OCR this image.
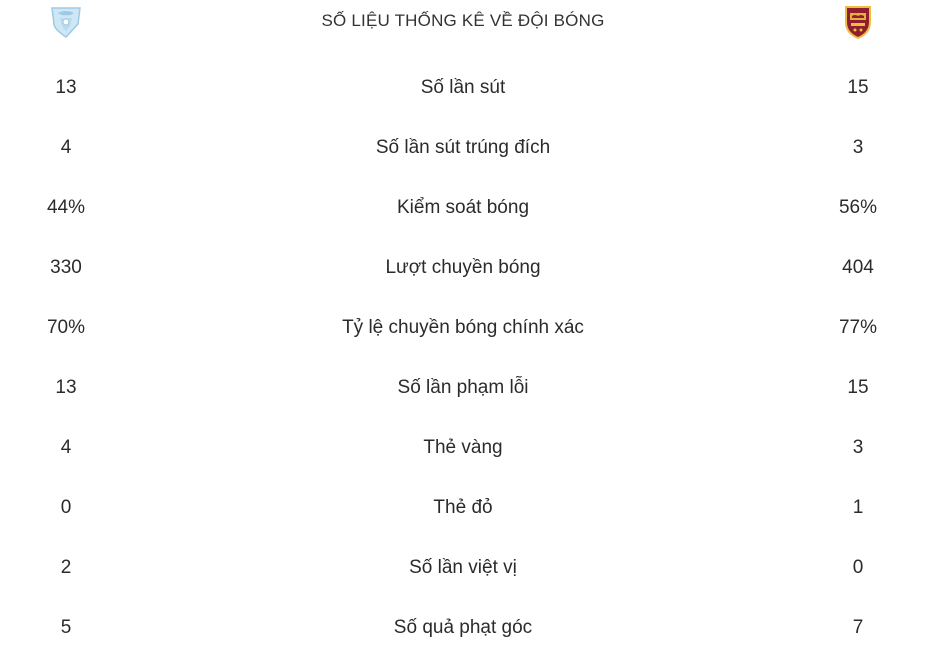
SỐ LIỆU THỐNG KÊ VỀ ĐỘI BÓNG
13	Số lần sút	15
4	Số lần sút trúng đích	3
44%	Kiểm soát bóng	56%
330	Lượt chuyền bóng	404
70%	Tỷ lệ chuyền bóng chính xác	77%
13	Số lần phạm lỗi	15
4	Thẻ vàng	3
0	Thẻ đỏ	1
2	Số lần việt vị	0
5	Số quả phạt góc	7
